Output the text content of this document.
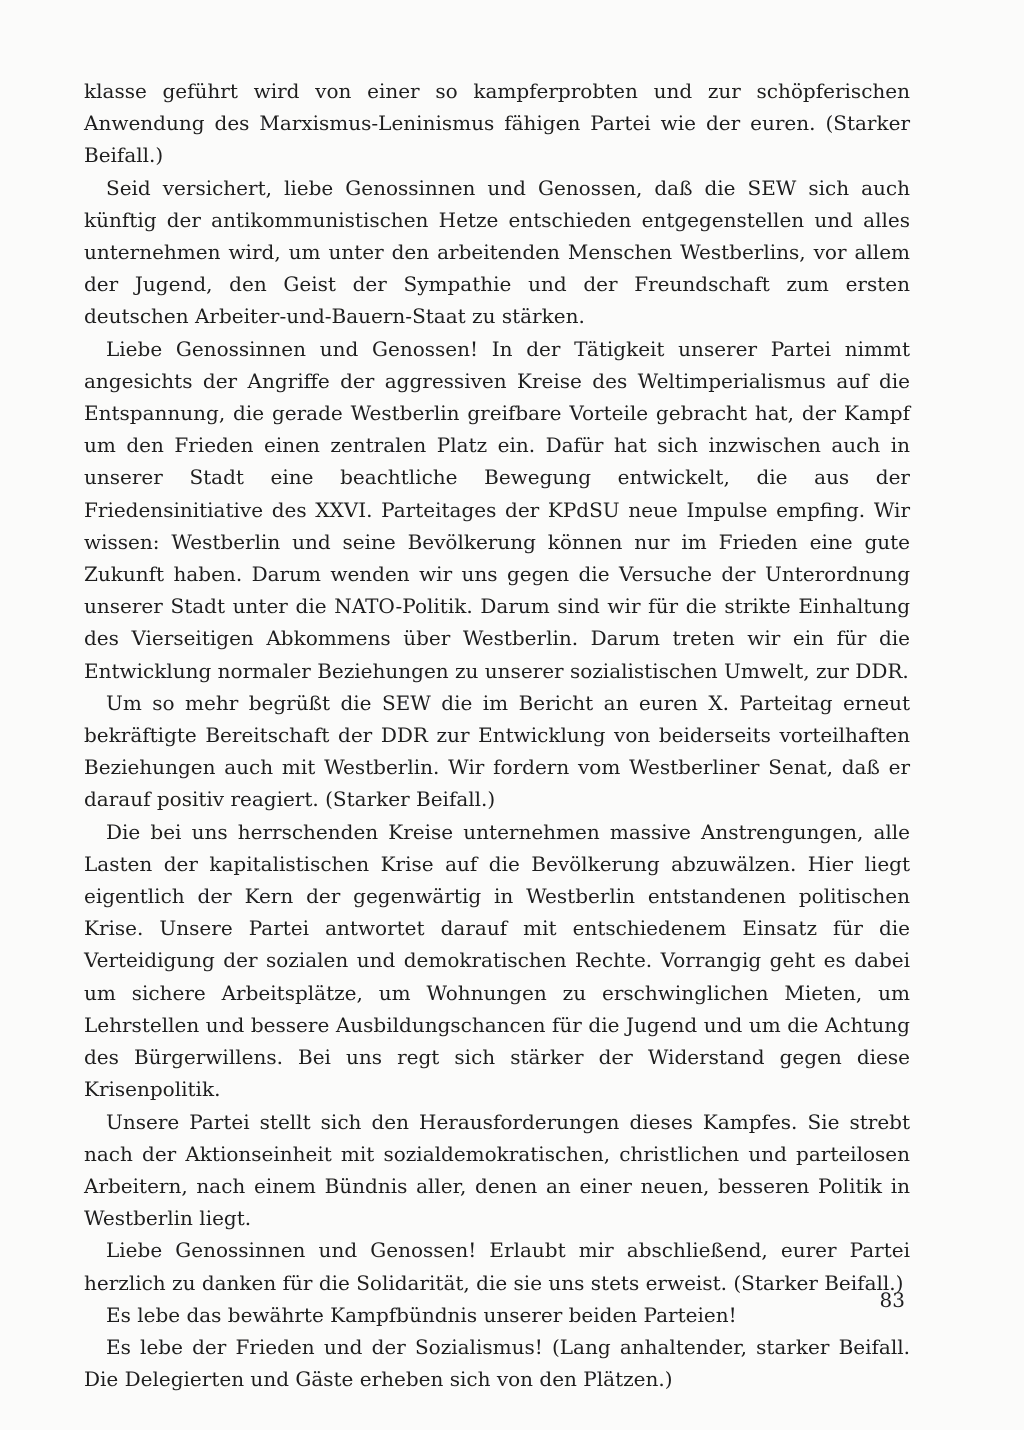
klasse geführt wird von einer so kampferprobten und zur schöpferischen Anwendung des Marxismus-Leninismus fähigen Partei wie der euren. (Starker Beifall.)

Seid versichert, liebe Genossinnen und Genossen, daß die SEW sich auch künftig der antikommunistischen Hetze entschieden entgegenstellen und alles unternehmen wird, um unter den arbeitenden Menschen Westberlins, vor allem der Jugend, den Geist der Sympathie und der Freundschaft zum ersten deutschen Arbeiter-und-Bauern-Staat zu stärken.

Liebe Genossinnen und Genossen! In der Tätigkeit unserer Partei nimmt angesichts der Angriffe der aggressiven Kreise des Weltimperialismus auf die Entspannung, die gerade Westberlin greifbare Vorteile gebracht hat, der Kampf um den Frieden einen zentralen Platz ein. Dafür hat sich inzwischen auch in unserer Stadt eine beachtliche Bewegung entwickelt, die aus der Friedensinitiative des XXVI. Parteitages der KPdSU neue Impulse empfing. Wir wissen: Westberlin und seine Bevölkerung können nur im Frieden eine gute Zukunft haben. Darum wenden wir uns gegen die Versuche der Unterordnung unserer Stadt unter die NATO-Politik. Darum sind wir für die strikte Einhaltung des Vierseitigen Abkommens über Westberlin. Darum treten wir ein für die Entwicklung normaler Beziehungen zu unserer sozialistischen Umwelt, zur DDR.

Um so mehr begrüßt die SEW die im Bericht an euren X. Parteitag erneut bekräftigte Bereitschaft der DDR zur Entwicklung von beiderseits vorteilhaften Beziehungen auch mit Westberlin. Wir fordern vom Westberliner Senat, daß er darauf positiv reagiert. (Starker Beifall.)

Die bei uns herrschenden Kreise unternehmen massive Anstrengungen, alle Lasten der kapitalistischen Krise auf die Bevölkerung abzuwälzen. Hier liegt eigentlich der Kern der gegenwärtig in Westberlin entstandenen politischen Krise. Unsere Partei antwortet darauf mit entschiedenem Einsatz für die Verteidigung der sozialen und demokratischen Rechte. Vorrangig geht es dabei um sichere Arbeitsplätze, um Wohnungen zu erschwinglichen Mieten, um Lehrstellen und bessere Ausbildungschancen für die Jugend und um die Achtung des Bürgerwillens. Bei uns regt sich stärker der Widerstand gegen diese Krisenpolitik.

Unsere Partei stellt sich den Herausforderungen dieses Kampfes. Sie strebt nach der Aktionseinheit mit sozialdemokratischen, christlichen und parteilosen Arbeitern, nach einem Bündnis aller, denen an einer neuen, besseren Politik in Westberlin liegt.

Liebe Genossinnen und Genossen! Erlaubt mir abschließend, eurer Partei herzlich zu danken für die Solidarität, die sie uns stets erweist. (Starker Beifall.)

Es lebe das bewährte Kampfbündnis unserer beiden Parteien!

Es lebe der Frieden und der Sozialismus! (Lang anhaltender, starker Beifall. Die Delegierten und Gäste erheben sich von den Plätzen.)

83
